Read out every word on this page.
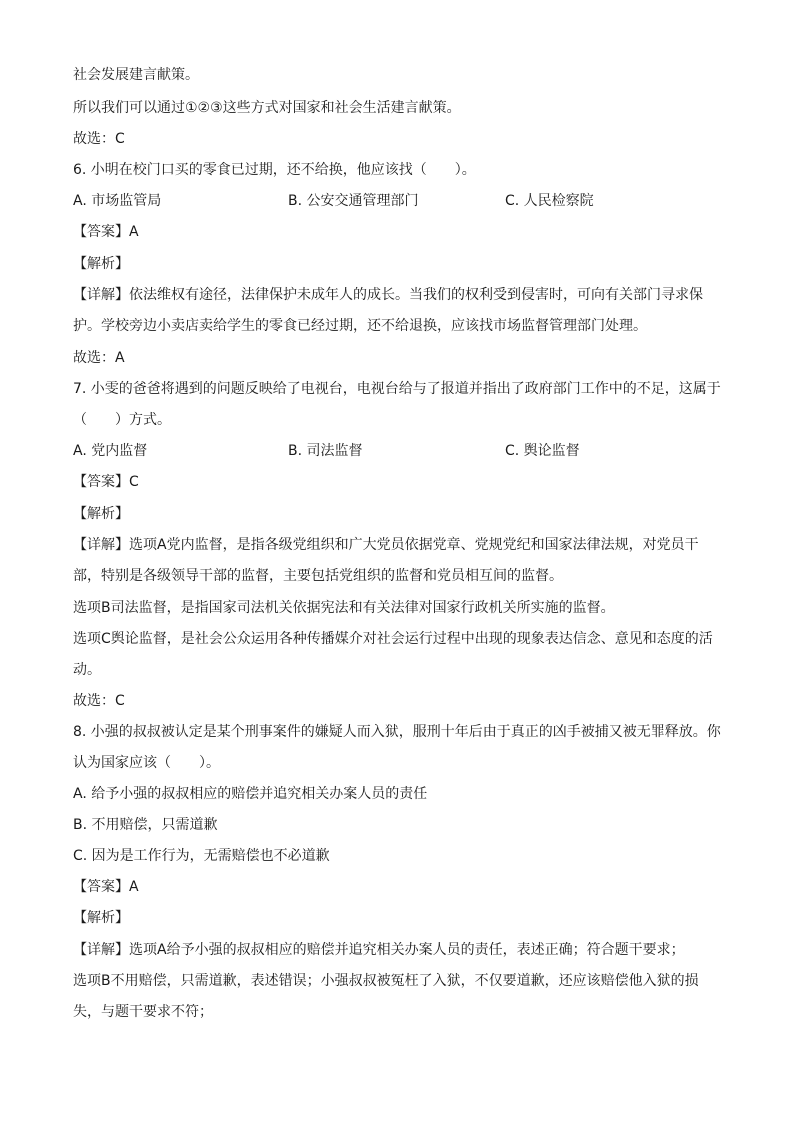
社会发展建言献策。
所以我们可以通过①②③这些方式对国家和社会生活建言献策。
故选：C
6. 小明在校门口买的零食已过期，还不给换，他应该找（　　）。
A. 市场监管局	B. 公安交通管理部门	C. 人民检察院
【答案】A
【解析】
【详解】依法维权有途径，法律保护未成年人的成长。当我们的权利受到侵害时，可向有关部门寻求保
护。学校旁边小卖店卖给学生的零食已经过期，还不给退换，应该找市场监督管理部门处理。
故选：A
7. 小雯的爸爸将遇到的问题反映给了电视台，电视台给与了报道并指出了政府部门工作中的不足，这属于
（　　）方式。
A. 党内监督	B. 司法监督	C. 舆论监督
【答案】C
【解析】
【详解】选项A党内监督，是指各级党组织和广大党员依据党章、党规党纪和国家法律法规，对党员干
部，特别是各级领导干部的监督，主要包括党组织的监督和党员相互间的监督。
选项B司法监督，是指国家司法机关依据宪法和有关法律对国家行政机关所实施的监督。
选项C舆论监督，是社会公众运用各种传播媒介对社会运行过程中出现的现象表达信念、意见和态度的活
动。
故选：C
8. 小强的叔叔被认定是某个刑事案件的嫌疑人而入狱，服刑十年后由于真正的凶手被捕又被无罪释放。你
认为国家应该（　　）。
A. 给予小强的叔叔相应的赔偿并追究相关办案人员的责任
B. 不用赔偿，只需道歉
C. 因为是工作行为，无需赔偿也不必道歉
【答案】A
【解析】
【详解】选项A给予小强的叔叔相应的赔偿并追究相关办案人员的责任，表述正确；符合题干要求；
选项B不用赔偿，只需道歉，表述错误；小强叔叔被冤枉了入狱，不仅要道歉，还应该赔偿他入狱的损
失，与题干要求不符；
